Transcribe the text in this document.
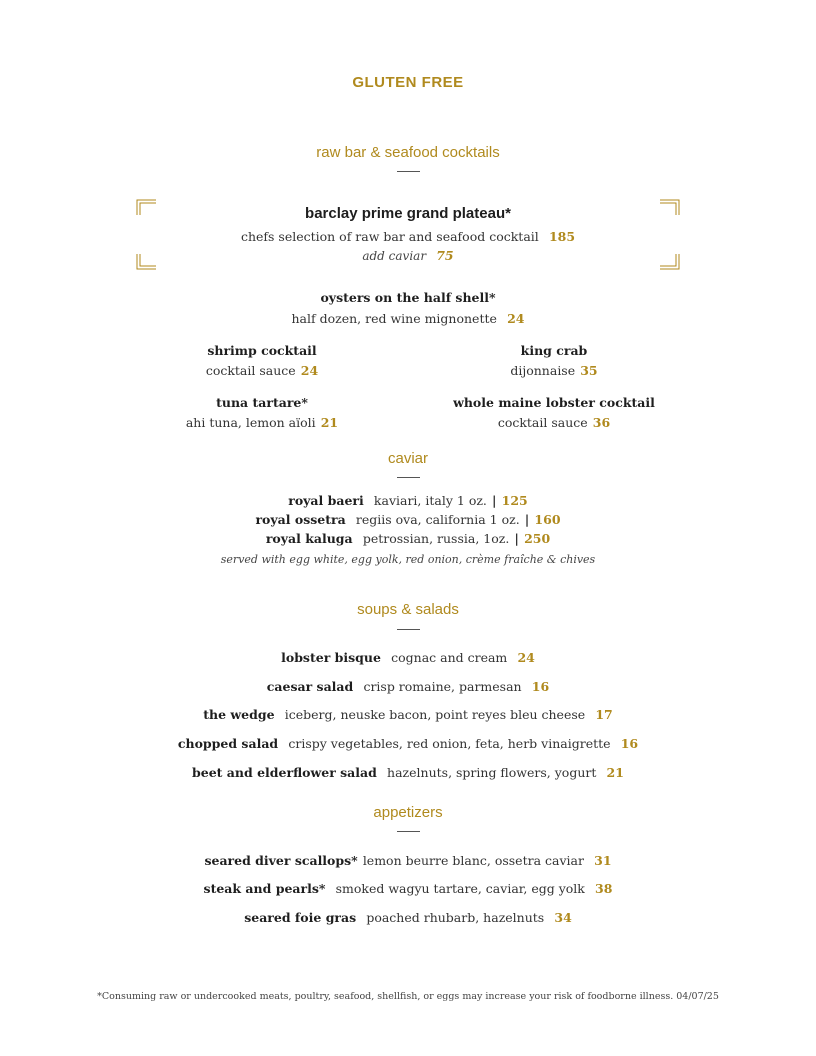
GLUTEN FREE
raw bar & seafood cocktails
barclay prime grand plateau*
chefs selection of raw bar and seafood cocktail 185
add caviar 75
oysters on the half shell*
half dozen, red wine mignonette 24
shrimp cocktail
cocktail sauce 24
tuna tartare*
ahi tuna, lemon aïoli 21
king crab
dijonnaise 35
whole maine lobster cocktail
cocktail sauce 36
caviar
royal baeri kaviari, italy 1 oz. | 125
royal ossetra regiis ova, california 1 oz. | 160
royal kaluga petrossian, russia, 1oz. | 250
served with egg white, egg yolk, red onion, crème fraîche & chives
soups & salads
lobster bisque cognac and cream 24
caesar salad crisp romaine, parmesan 16
the wedge iceberg, neuske bacon, point reyes bleu cheese 17
chopped salad crispy vegetables, red onion, feta, herb vinaigrette 16
beet and elderflower salad hazelnuts, spring flowers, yogurt 21
appetizers
seared diver scallops* lemon beurre blanc, ossetra caviar 31
steak and pearls* smoked wagyu tartare, caviar, egg yolk 38
seared foie gras poached rhubarb, hazelnuts 34
*Consuming raw or undercooked meats, poultry, seafood, shellfish, or eggs may increase your risk of foodborne illness. 04/07/25
